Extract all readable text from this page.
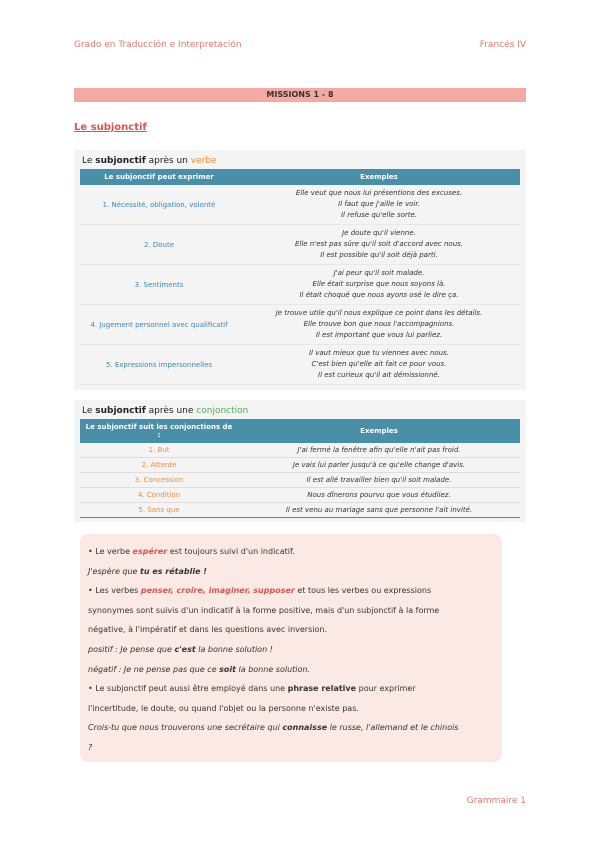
Grado en Traducción e Interpretación	Francés IV
MISSIONS 1 - 8
Le subjonctif
Le subjonctif après un verbe
Le subjonctif peut exprimer	Exemples
1. Nécessité, obligation, volonté	Elle veut que nous lui présentions des excuses.
Il faut que j'aille le voir.
Il refuse qu'elle sorte.

2. Doute	Je doute qu'il vienne.
Elle n'est pas sûre qu'il soit d'accord avec nous.
Il est possible qu'il soit déjà parti.

3. Sentiments	J'ai peur qu'il soit malade.
Elle était surprise que nous soyons là.
Il était choqué que nous ayons osé le dire ça.

4. Jugement personnel avec qualificatif	Je trouve utile qu'il nous explique ce point dans les détails.
Elle trouve bon que nous l'accompagnions.
Il est important que vous lui parliez.

5. Expressions impersonnelles	Il vaut mieux que tu viennes avec nous.
C'est bien qu'elle ait fait ce pour vous.
Il est curieux qu'il ait démissionné.
Le subjonctif après une conjonction
Le subjonctif suit les conjonctions de :	Exemples
1. But	J'ai fermé la fenêtre afin qu'elle n'ait pas froid.
2. Attente	Je vais lui parler jusqu'à ce qu'elle change d'avis.
3. Concession	Il est allé travailler bien qu'il soit malade.
4. Condition	Nous dînerons pourvu que vous étudiiez.
5. Sans que	Il est venu au mariage sans que personne l'ait invité.

• Le verbe espérer est toujours suivi d'un indicatif.

J'espère que tu es rétablie !

• Les verbes penser, croire, imaginer, supposer et tous les verbes ou expressions

synonymes sont suivis d'un indicatif à la forme positive, mais d'un subjonctif à la forme

négative, à l'impératif et dans les questions avec inversion.

positif : Je pense que c'est la bonne solution !

négatif : Je ne pense pas que ce soit la bonne solution.

• Le subjonctif peut aussi être employé dans une phrase relative pour exprimer

l'incertitude, le doute, ou quand l'objet ou la personne n'existe pas.

Crois-tu que nous trouverons une secrétaire qui connaisse le russe, l'allemand et le chinois

?

Grammaire 1
